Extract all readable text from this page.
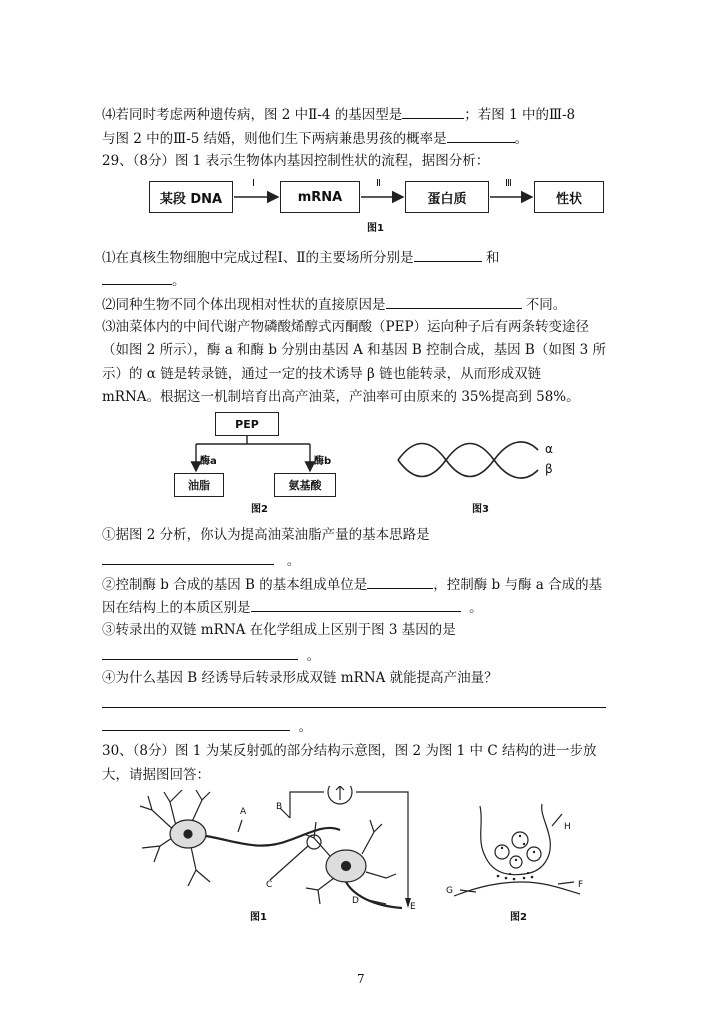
⑷若同时考虑两种遗传病，图 2 中Ⅱ-4 的基因型是	；若图 1 中的Ⅲ-8
与图 2 中的Ⅲ-5 结婚，则他们生下两病兼患男孩的概率是	。
29、（8分）图 1 表示生物体内基因控制性状的流程，据图分析：
某段 DNA	mRNA	蛋白质	性状
Ⅰ	Ⅱ	Ⅲ
图1
⑴在真核生物细胞中完成过程Ⅰ、Ⅱ的主要场所分别是	和
。
⑵同种生物不同个体出现相对性状的直接原因是	不同。
⑶油菜体内的中间代谢产物磷酸烯醇式丙酮酸（PEP）运向种子后有两条转变途径
（如图 2 所示），酶 a 和酶 b 分别由基因 A 和基因 B 控制合成，基因 B（如图 3 所
示）的 α 链是转录链，通过一定的技术诱导 β 链也能转录，从而形成双链
mRNA。根据这一机制培育出高产油菜，产油率可由原来的 35%提高到 58%。
PEP
油脂	氨基酸
酶a	酶b
图2
α
β
图3
①据图 2 分析，你认为提高油菜油脂产量的基本思路是
。
②控制酶 b 合成的基因 B 的基本组成单位是	，控制酶 b 与酶 a 合成的基
因在结构上的本质区别是	。
③转录出的双链 mRNA 在化学组成上区别于图 3 基因的是
。
④为什么基因 B 经诱导后转录形成双链 mRNA 就能提高产油量？
。
30、（8分）图 1 为某反射弧的部分结构示意图，图 2 为图 1 中 C 结构的进一步放
大，请据图回答：
A	B
C
D
E
图1
H
G
F
图2
7
